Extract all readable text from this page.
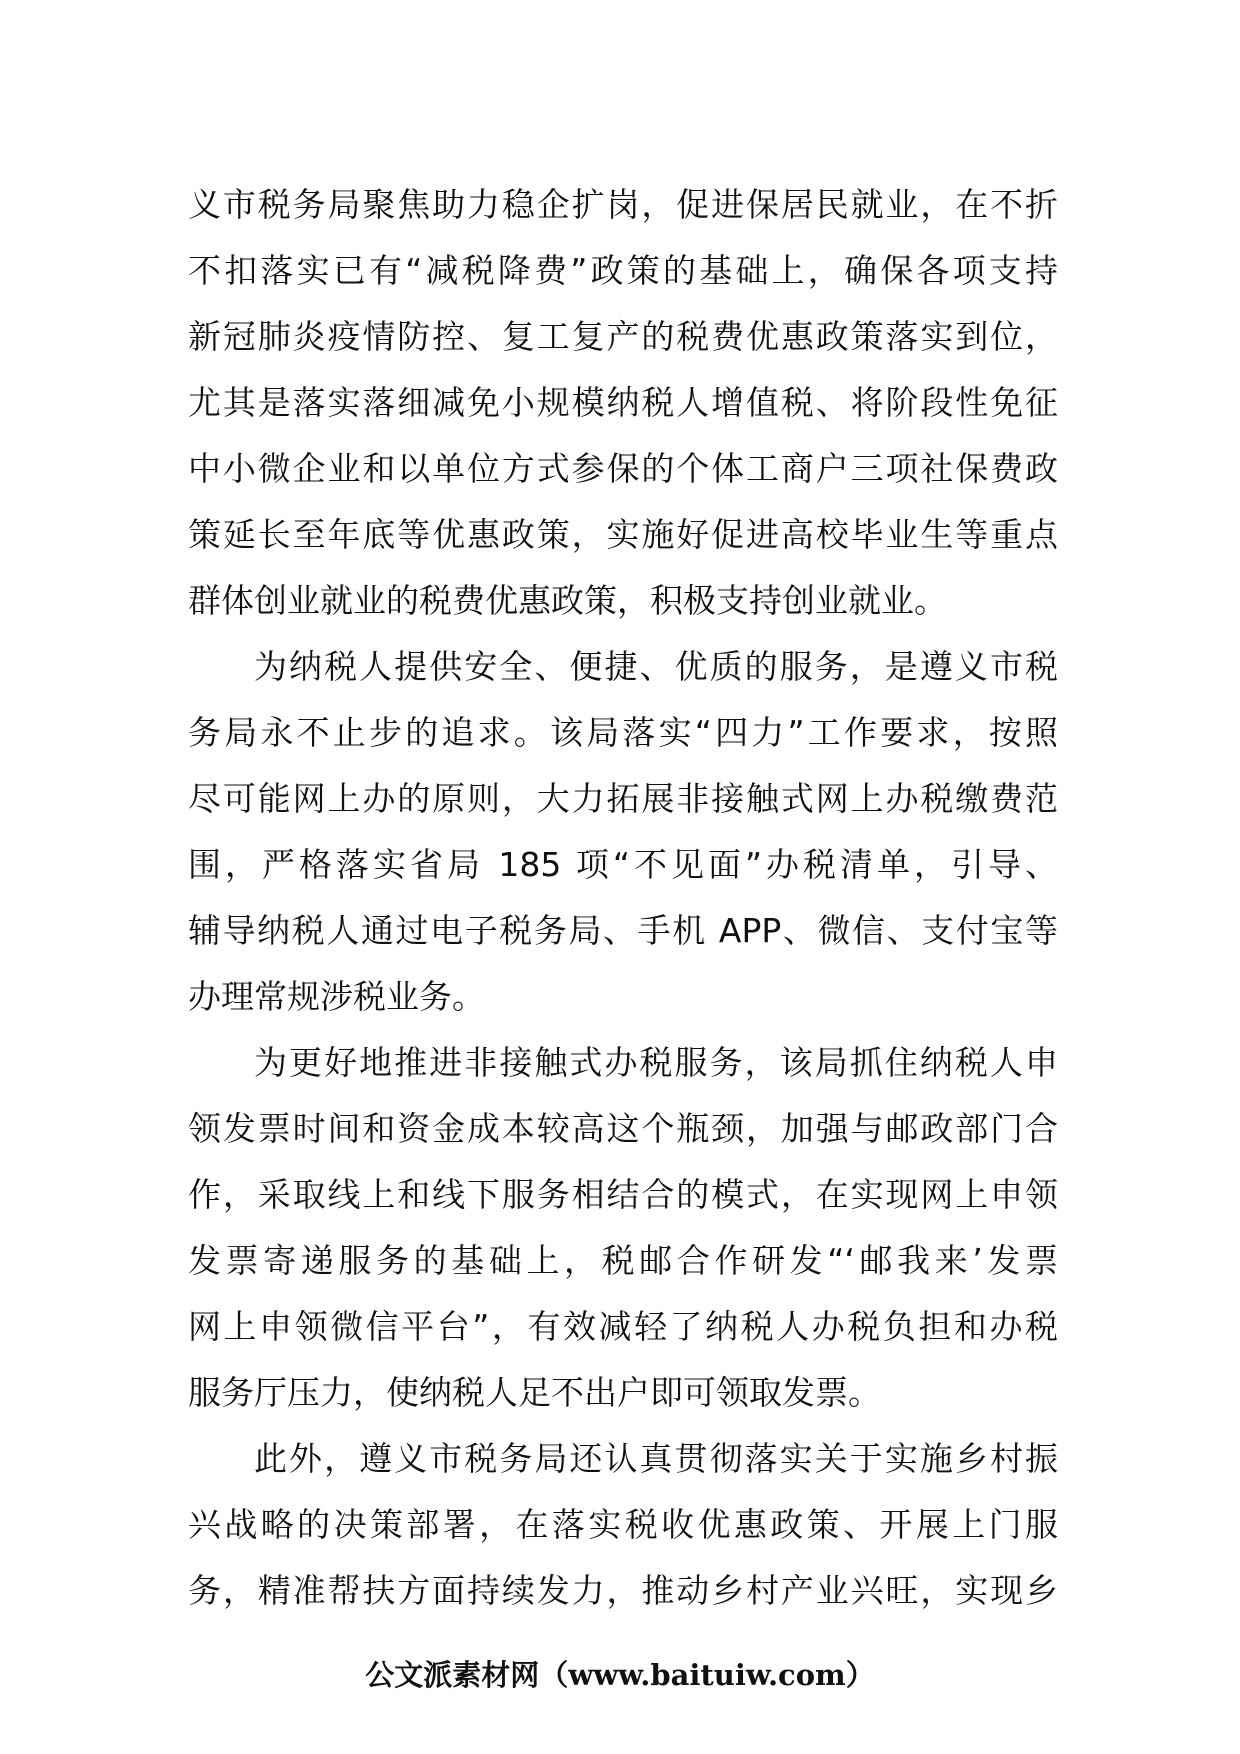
义市税务局聚焦助力稳企扩岗，促进保居民就业，在不折
不扣落实已有“减税降费”政策的基础上，确保各项支持
新冠肺炎疫情防控、复工复产的税费优惠政策落实到位，
尤其是落实落细减免小规模纳税人增值税、将阶段性免征
中小微企业和以单位方式参保的个体工商户三项社保费政
策延长至年底等优惠政策，实施好促进高校毕业生等重点
群体创业就业的税费优惠政策，积极支持创业就业。
为纳税人提供安全、便捷、优质的服务，是遵义市税
务局永不止步的追求。该局落实“四力”工作要求，按照
尽可能网上办的原则，大力拓展非接触式网上办税缴费范
围，严格落实省局 185 项“不见面”办税清单，引导、
辅导纳税人通过电子税务局、手机 APP、微信、支付宝等
办理常规涉税业务。
为更好地推进非接触式办税服务，该局抓住纳税人申
领发票时间和资金成本较高这个瓶颈，加强与邮政部门合
作，采取线上和线下服务相结合的模式，在实现网上申领
发票寄递服务的基础上，税邮合作研发“‘邮我来’发票
网上申领微信平台”，有效减轻了纳税人办税负担和办税
服务厅压力，使纳税人足不出户即可领取发票。
此外，遵义市税务局还认真贯彻落实关于实施乡村振
兴战略的决策部署，在落实税收优惠政策、开展上门服
务，精准帮扶方面持续发力，推动乡村产业兴旺，实现乡
公文派素材网（www.baituiw.com）
